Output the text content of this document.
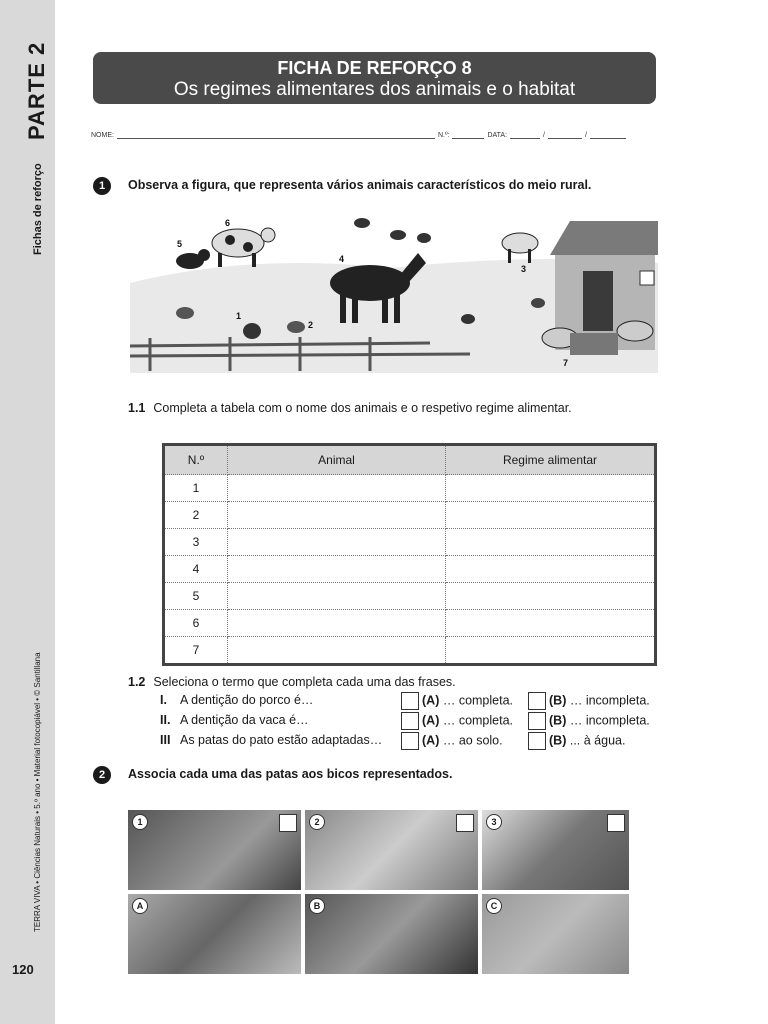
PARTE 2
Fichas de reforço
TERRA VIVA • Ciências Naturais • 5.º ano • Material fotocopiável • © Santillana
120
FICHA DE REFORÇO 8
Os regimes alimentares dos animais e o habitat
NOME:	N.º:	DATA:	/	/
1	Observa a figura, que representa vários animais característicos do meio rural.
1
2
3
4
5
6
7
1.1 Completa a tabela com o nome dos animais e o respetivo regime alimentar.
N.º	Animal	Regime alimentar
1		
2		
3		
4		
5		
6		
7		
1.2 Seleciona o termo que completa cada uma das frases.
I. A dentição do porco é…	(A) … completa.	(B) … incompleta.
II. A dentição da vaca é…	(A) … completa.	(B) … incompleta.
III As patas do pato estão adaptadas…	(A) … ao solo.	(B) ... à água.
2	Associa cada uma das patas aos bicos representados.
1	2	3
A	B	C
